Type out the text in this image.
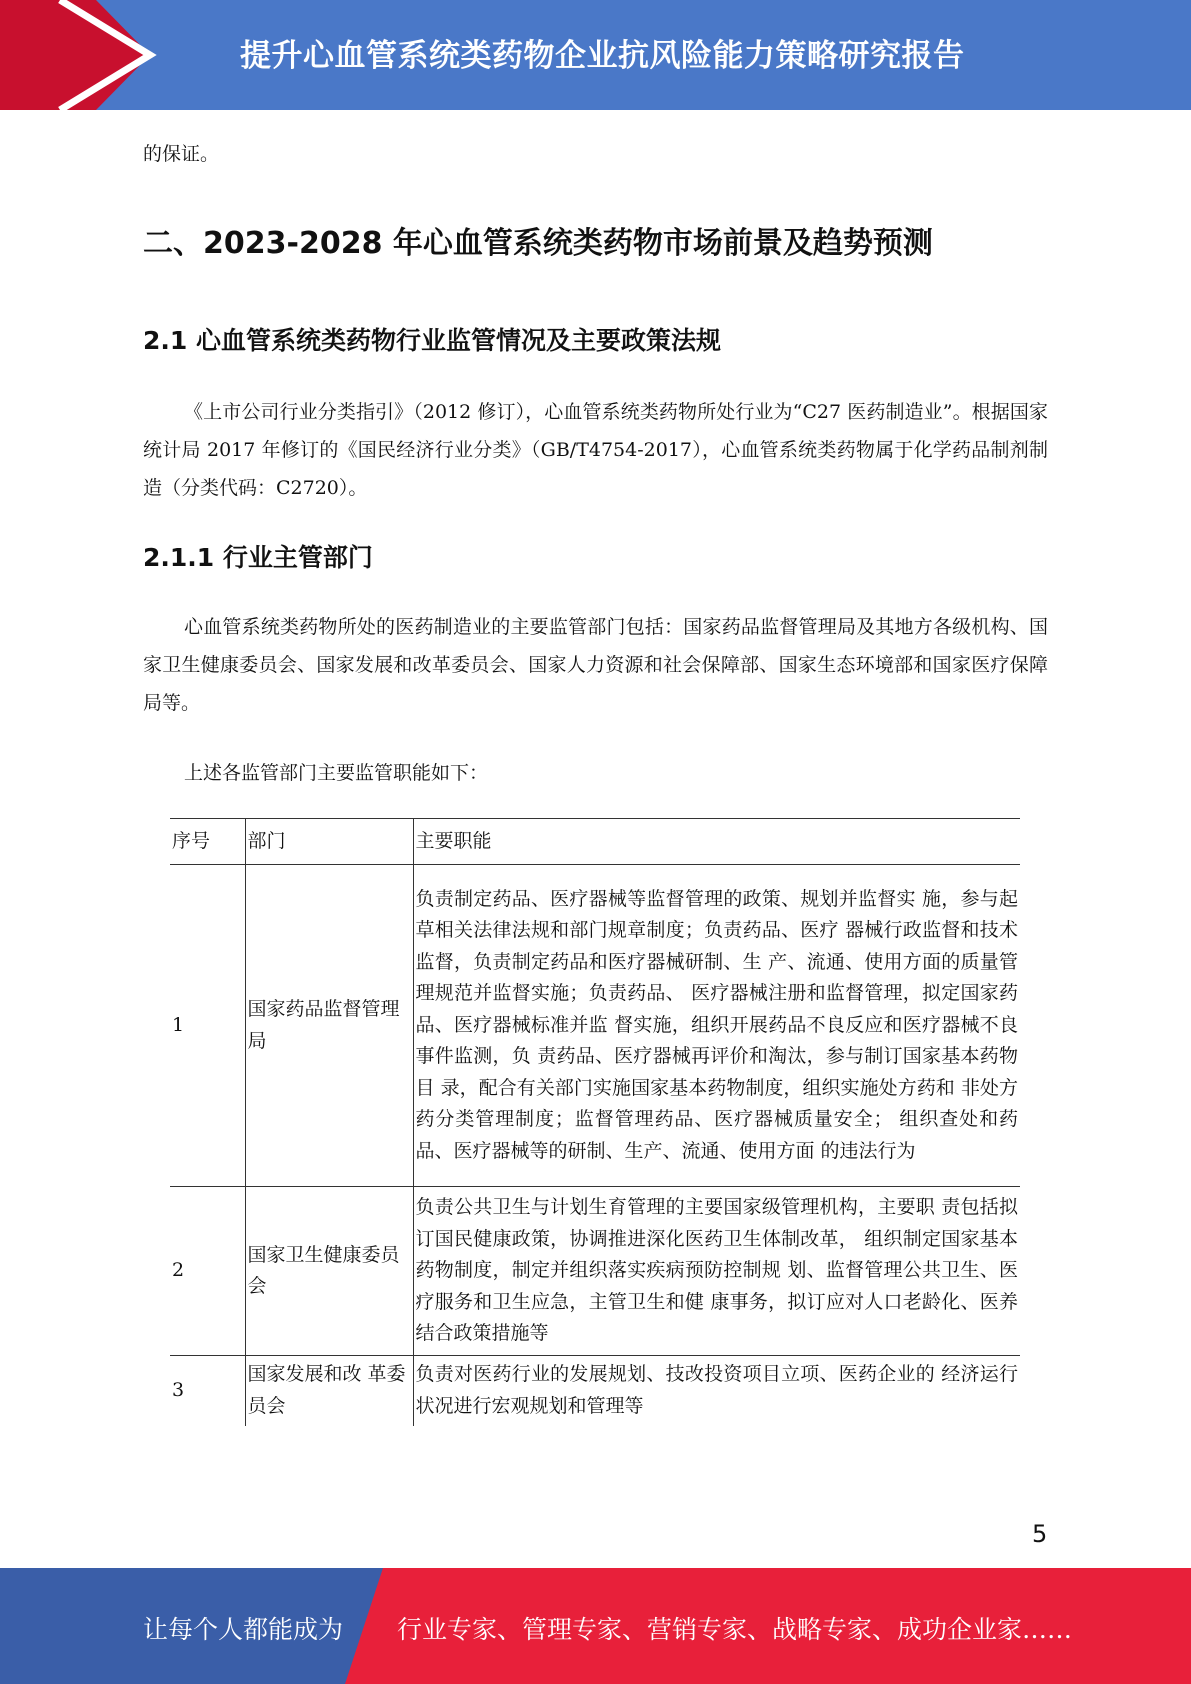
提升心血管系统类药物企业抗风险能力策略研究报告
的保证。
二、2023-2028 年心血管系统类药物市场前景及趋势预测
2.1 心血管系统类药物行业监管情况及主要政策法规

《上市公司行业分类指引》（2012 修订），心血管系统类药物所处行业为“C27 医药制造业”。根据国家统计局 2017 年修订的《国民经济行业分类》（GB/T4754-2017），心血管系统类药物属于化学药品制剂制造（分类代码：C2720）。

2.1.1 行业主管部门

心血管系统类药物所处的医药制造业的主要监管部门包括：国家药品监督管理局及其地方各级机构、国家卫生健康委员会、国家发展和改革委员会、国家人力资源和社会保障部、国家生态环境部和国家医疗保障局等。

上述各监管部门主要监管职能如下：

序号	部门	主要职能
1	国家药品监督管理局	负责制定药品、医疗器械等监督管理的政策、规划并监督实 施，参与起草相关法律法规和部门规章制度；负责药品、医疗 器械行政监督和技术监督，负责制定药品和医疗器械研制、生 产、流通、使用方面的质量管理规范并监督实施；负责药品、 医疗器械注册和监督管理，拟定国家药品、医疗器械标准并监 督实施，组织开展药品不良反应和医疗器械不良事件监测，负 责药品、医疗器械再评价和淘汰，参与制订国家基本药物目 录，配合有关部门实施国家基本药物制度，组织实施处方药和 非处方药分类管理制度；监督管理药品、医疗器械质量安全； 组织查处和药品、医疗器械等的研制、生产、流通、使用方面 的违法行为
2	国家卫生健康委员会	负责公共卫生与计划生育管理的主要国家级管理机构，主要职 责包括拟订国民健康政策，协调推进深化医药卫生体制改革， 组织制定国家基本药物制度，制定并组织落实疾病预防控制规 划、监督管理公共卫生、医疗服务和卫生应急，主管卫生和健 康事务，拟订应对人口老龄化、医养结合政策措施等
3	国家发展和改 革委员会	负责对医药行业的发展规划、技改投资项目立项、医药企业的 经济运行状况进行宏观规划和管理等
5
让每个人都能成为 行业专家、管理专家、营销专家、战略专家、成功企业家……
